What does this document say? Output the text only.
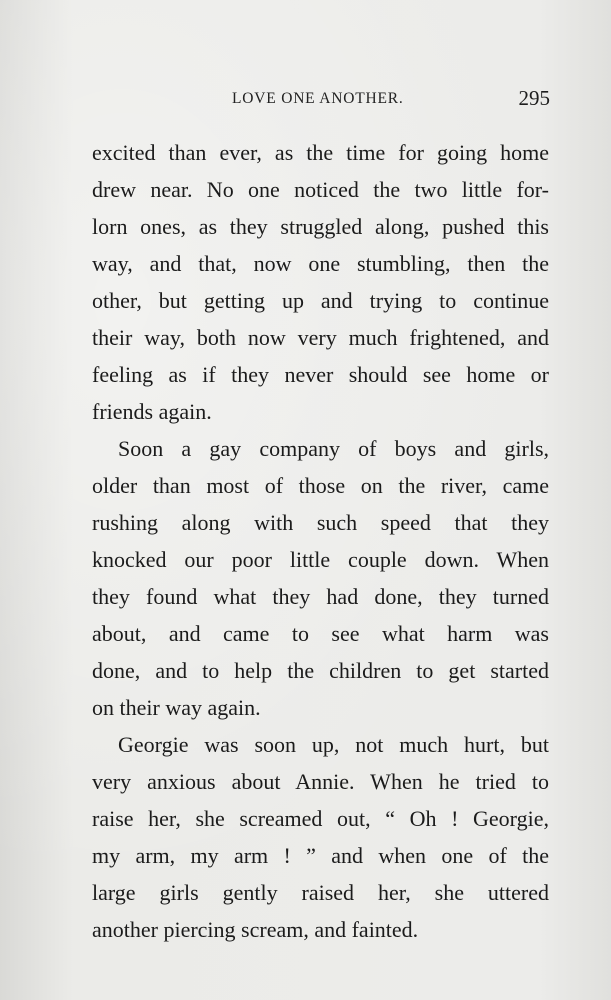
LOVE ONE ANOTHER.	295
excited than ever, as the time for going home
drew near. No one noticed the two little for-
lorn ones, as they struggled along, pushed this
way, and that, now one stumbling, then the
other, but getting up and trying to continue
their way, both now very much frightened, and
feeling as if they never should see home or
friends again.
Soon a gay company of boys and girls,
older than most of those on the river, came
rushing along with such speed that they
knocked our poor little couple down. When
they found what they had done, they turned
about, and came to see what harm was
done, and to help the children to get started
on their way again.
Georgie was soon up, not much hurt, but
very anxious about Annie. When he tried to
raise her, she screamed out, “ Oh ! Georgie,
my arm, my arm ! ” and when one of the
large girls gently raised her, she uttered
another piercing scream, and fainted.
